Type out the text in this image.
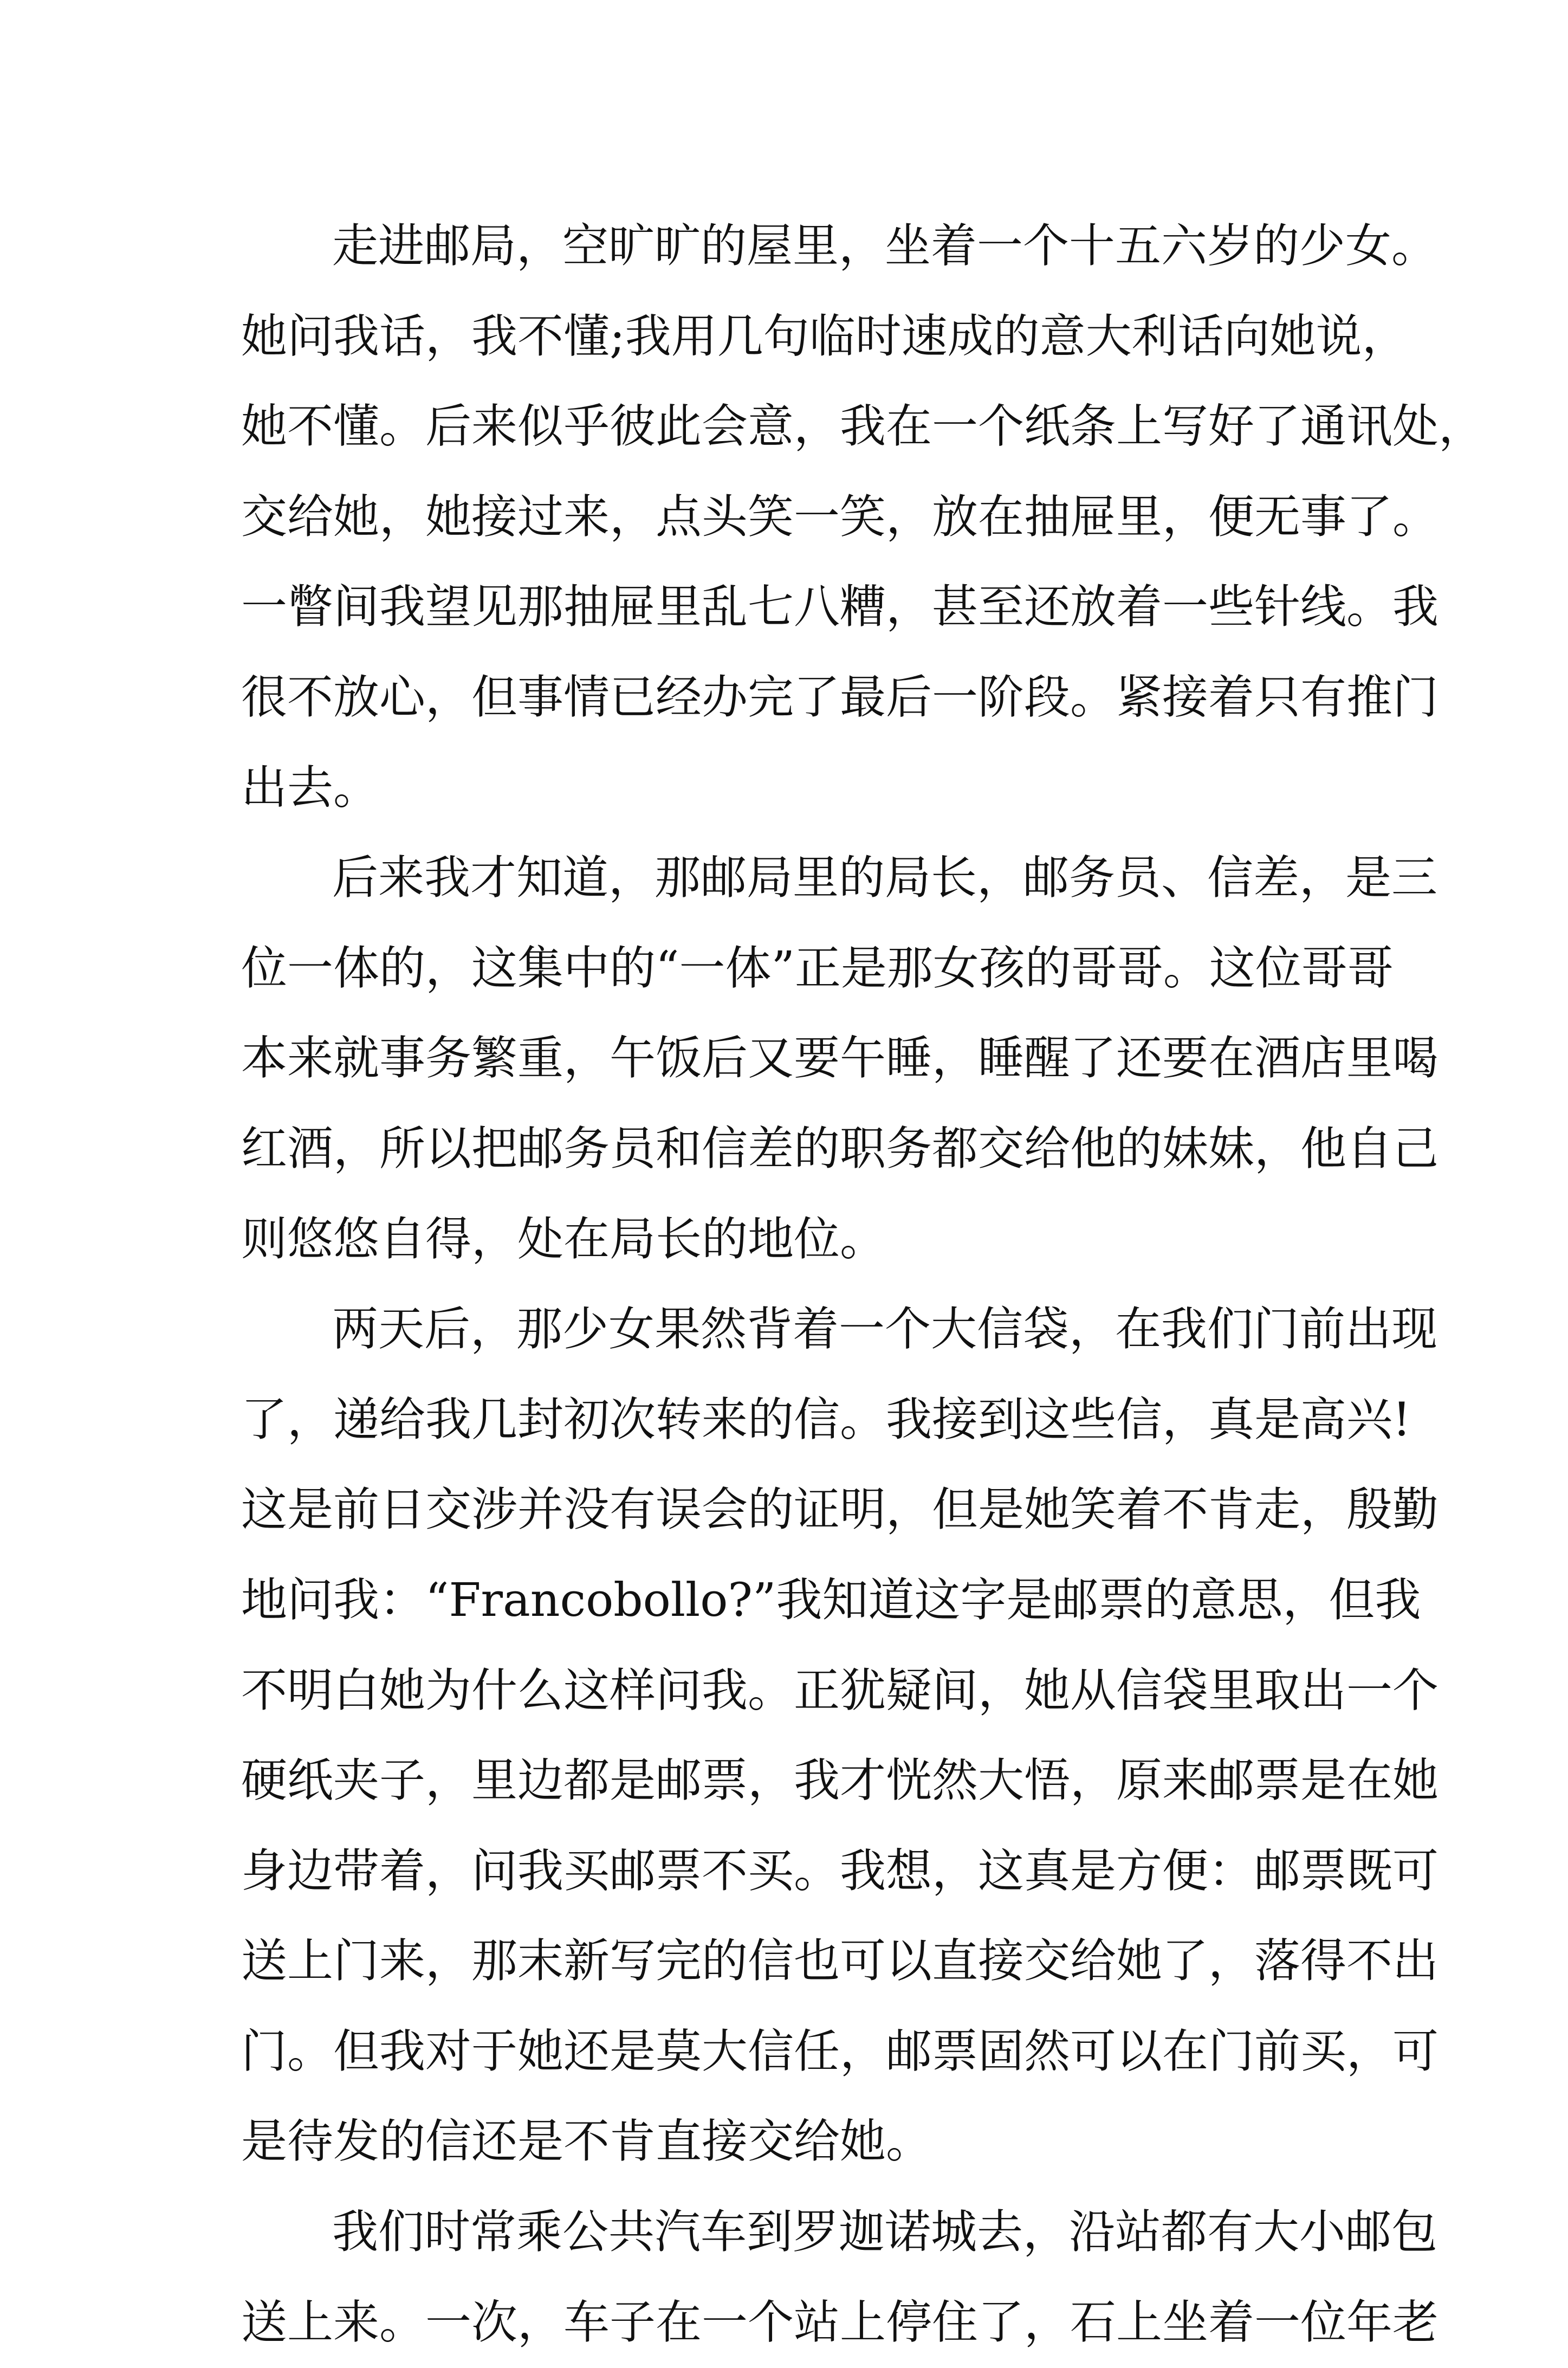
走进邮局，空旷旷的屋里，坐着一个十五六岁的少女。
她问我话，我不懂;我用几句临时速成的意大利话向她说，
她不懂。后来似乎彼此会意，我在一个纸条上写好了通讯处，
交给她，她接过来，点头笑一笑，放在抽屉里，便无事了。
一瞥间我望见那抽屉里乱七八糟，甚至还放着一些针线。我
很不放心，但事情已经办完了最后一阶段。紧接着只有推门
出去。
后来我才知道，那邮局里的局长，邮务员、信差，是三
位一体的，这集中的“一体”正是那女孩的哥哥。这位哥哥
本来就事务繁重，午饭后又要午睡，睡醒了还要在酒店里喝
红酒，所以把邮务员和信差的职务都交给他的妹妹，他自己
则悠悠自得，处在局长的地位。
两天后，那少女果然背着一个大信袋，在我们门前出现
了，递给我几封初次转来的信。我接到这些信，真是高兴!
这是前日交涉并没有误会的证明，但是她笑着不肯走，殷勤
地问我：“Francobollo?”我知道这字是邮票的意思，但我
不明白她为什么这样问我。正犹疑间，她从信袋里取出一个
硬纸夹子，里边都是邮票，我才恍然大悟，原来邮票是在她
身边带着，问我买邮票不买。我想，这真是方便：邮票既可
送上门来，那末新写完的信也可以直接交给她了，落得不出
门。但我对于她还是莫大信任，邮票固然可以在门前买，可
是待发的信还是不肯直接交给她。
我们时常乘公共汽车到罗迦诺城去，沿站都有大小邮包
送上来。一次，车子在一个站上停住了，石上坐着一位年老
